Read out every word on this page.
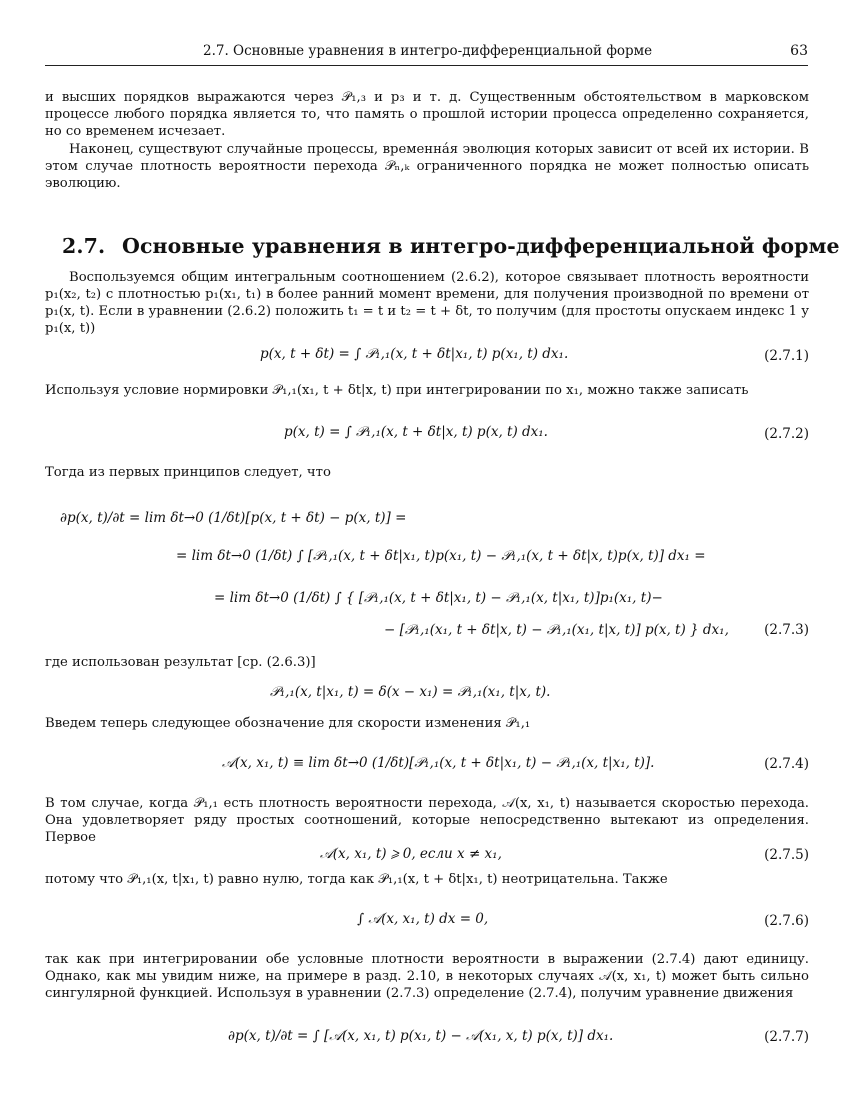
2.7. Основные уравнения в интегро-дифференциальной форме	63
и высших порядков выражаются через 𝒫₁,₃ и p₃ и т. д. Существенным обстоятельством в марковском процессе любого порядка является то, что память о прошлой истории процесса определенно сохраняется, но со временем исчезает.
Наконец, существуют случайные процессы, временнáя эволюция которых зависит от всей их истории. В этом случае плотность вероятности перехода 𝒫ₙ,ₖ ограниченного порядка не может полностью описать эволюцию.
2.7. Основные уравнения в интегро-дифференциальной форме
Воспользуемся общим интегральным соотношением (2.6.2), которое связывает плотность вероятности p₁(x₂, t₂) с плотностью p₁(x₁, t₁) в более ранний момент времени, для получения производной по времени от p₁(x, t). Если в уравнении (2.6.2) положить t₁ = t и t₂ = t + δt, то получим (для простоты опускаем индекс 1 у p₁(x, t))
p(x, t + δt) = ∫ 𝒫₁,₁(x, t + δt|x₁, t) p(x₁, t) dx₁.	(2.7.1)
Используя условие нормировки 𝒫₁,₁(x₁, t + δt|x, t) при интегрировании по x₁, можно также записать
p(x, t) = ∫ 𝒫₁,₁(x, t + δt|x, t) p(x, t) dx₁.	(2.7.2)
Тогда из первых принципов следует, что
∂p(x, t)/∂t = lim δt→0 (1/δt)[p(x, t + δt) − p(x, t)] =
= lim δt→0 (1/δt) ∫ [𝒫₁,₁(x, t + δt|x₁, t)p(x₁, t) − 𝒫₁,₁(x, t + δt|x, t)p(x, t)] dx₁ =
= lim δt→0 (1/δt) ∫ { [𝒫₁,₁(x, t + δt|x₁, t) − 𝒫₁,₁(x, t|x₁, t)]p₁(x₁, t)−
− [𝒫₁,₁(x₁, t + δt|x, t) − 𝒫₁,₁(x₁, t|x, t)] p(x, t) } dx₁,	(2.7.3)
где использован результат [ср. (2.6.3)]
𝒫₁,₁(x, t|x₁, t) = δ(x − x₁) = 𝒫₁,₁(x₁, t|x, t).
Введем теперь следующее обозначение для скорости изменения 𝒫₁,₁
𝒜(x, x₁, t) ≡ lim δt→0 (1/δt)[𝒫₁,₁(x, t + δt|x₁, t) − 𝒫₁,₁(x, t|x₁, t)].	(2.7.4)
В том случае, когда 𝒫₁,₁ есть плотность вероятности перехода, 𝒜(x, x₁, t) называется скоростью перехода. Она удовлетворяет ряду простых соотношений, которые непосредственно вытекают из определения. Первое
𝒜(x, x₁, t) ⩾ 0, если x ≠ x₁,	(2.7.5)
потому что 𝒫₁,₁(x, t|x₁, t) равно нулю, тогда как 𝒫₁,₁(x, t + δt|x₁, t) неотрицательна. Также
∫ 𝒜(x, x₁, t) dx = 0,	(2.7.6)
так как при интегрировании обе условные плотности вероятности в выражении (2.7.4) дают единицу. Однако, как мы увидим ниже, на примере в разд. 2.10, в некоторых случаях 𝒜(x, x₁, t) может быть сильно сингулярной функцией. Используя в уравнении (2.7.3) определение (2.7.4), получим уравнение движения
∂p(x, t)/∂t = ∫ [𝒜(x, x₁, t) p(x₁, t) − 𝒜(x₁, x, t) p(x, t)] dx₁.	(2.7.7)
